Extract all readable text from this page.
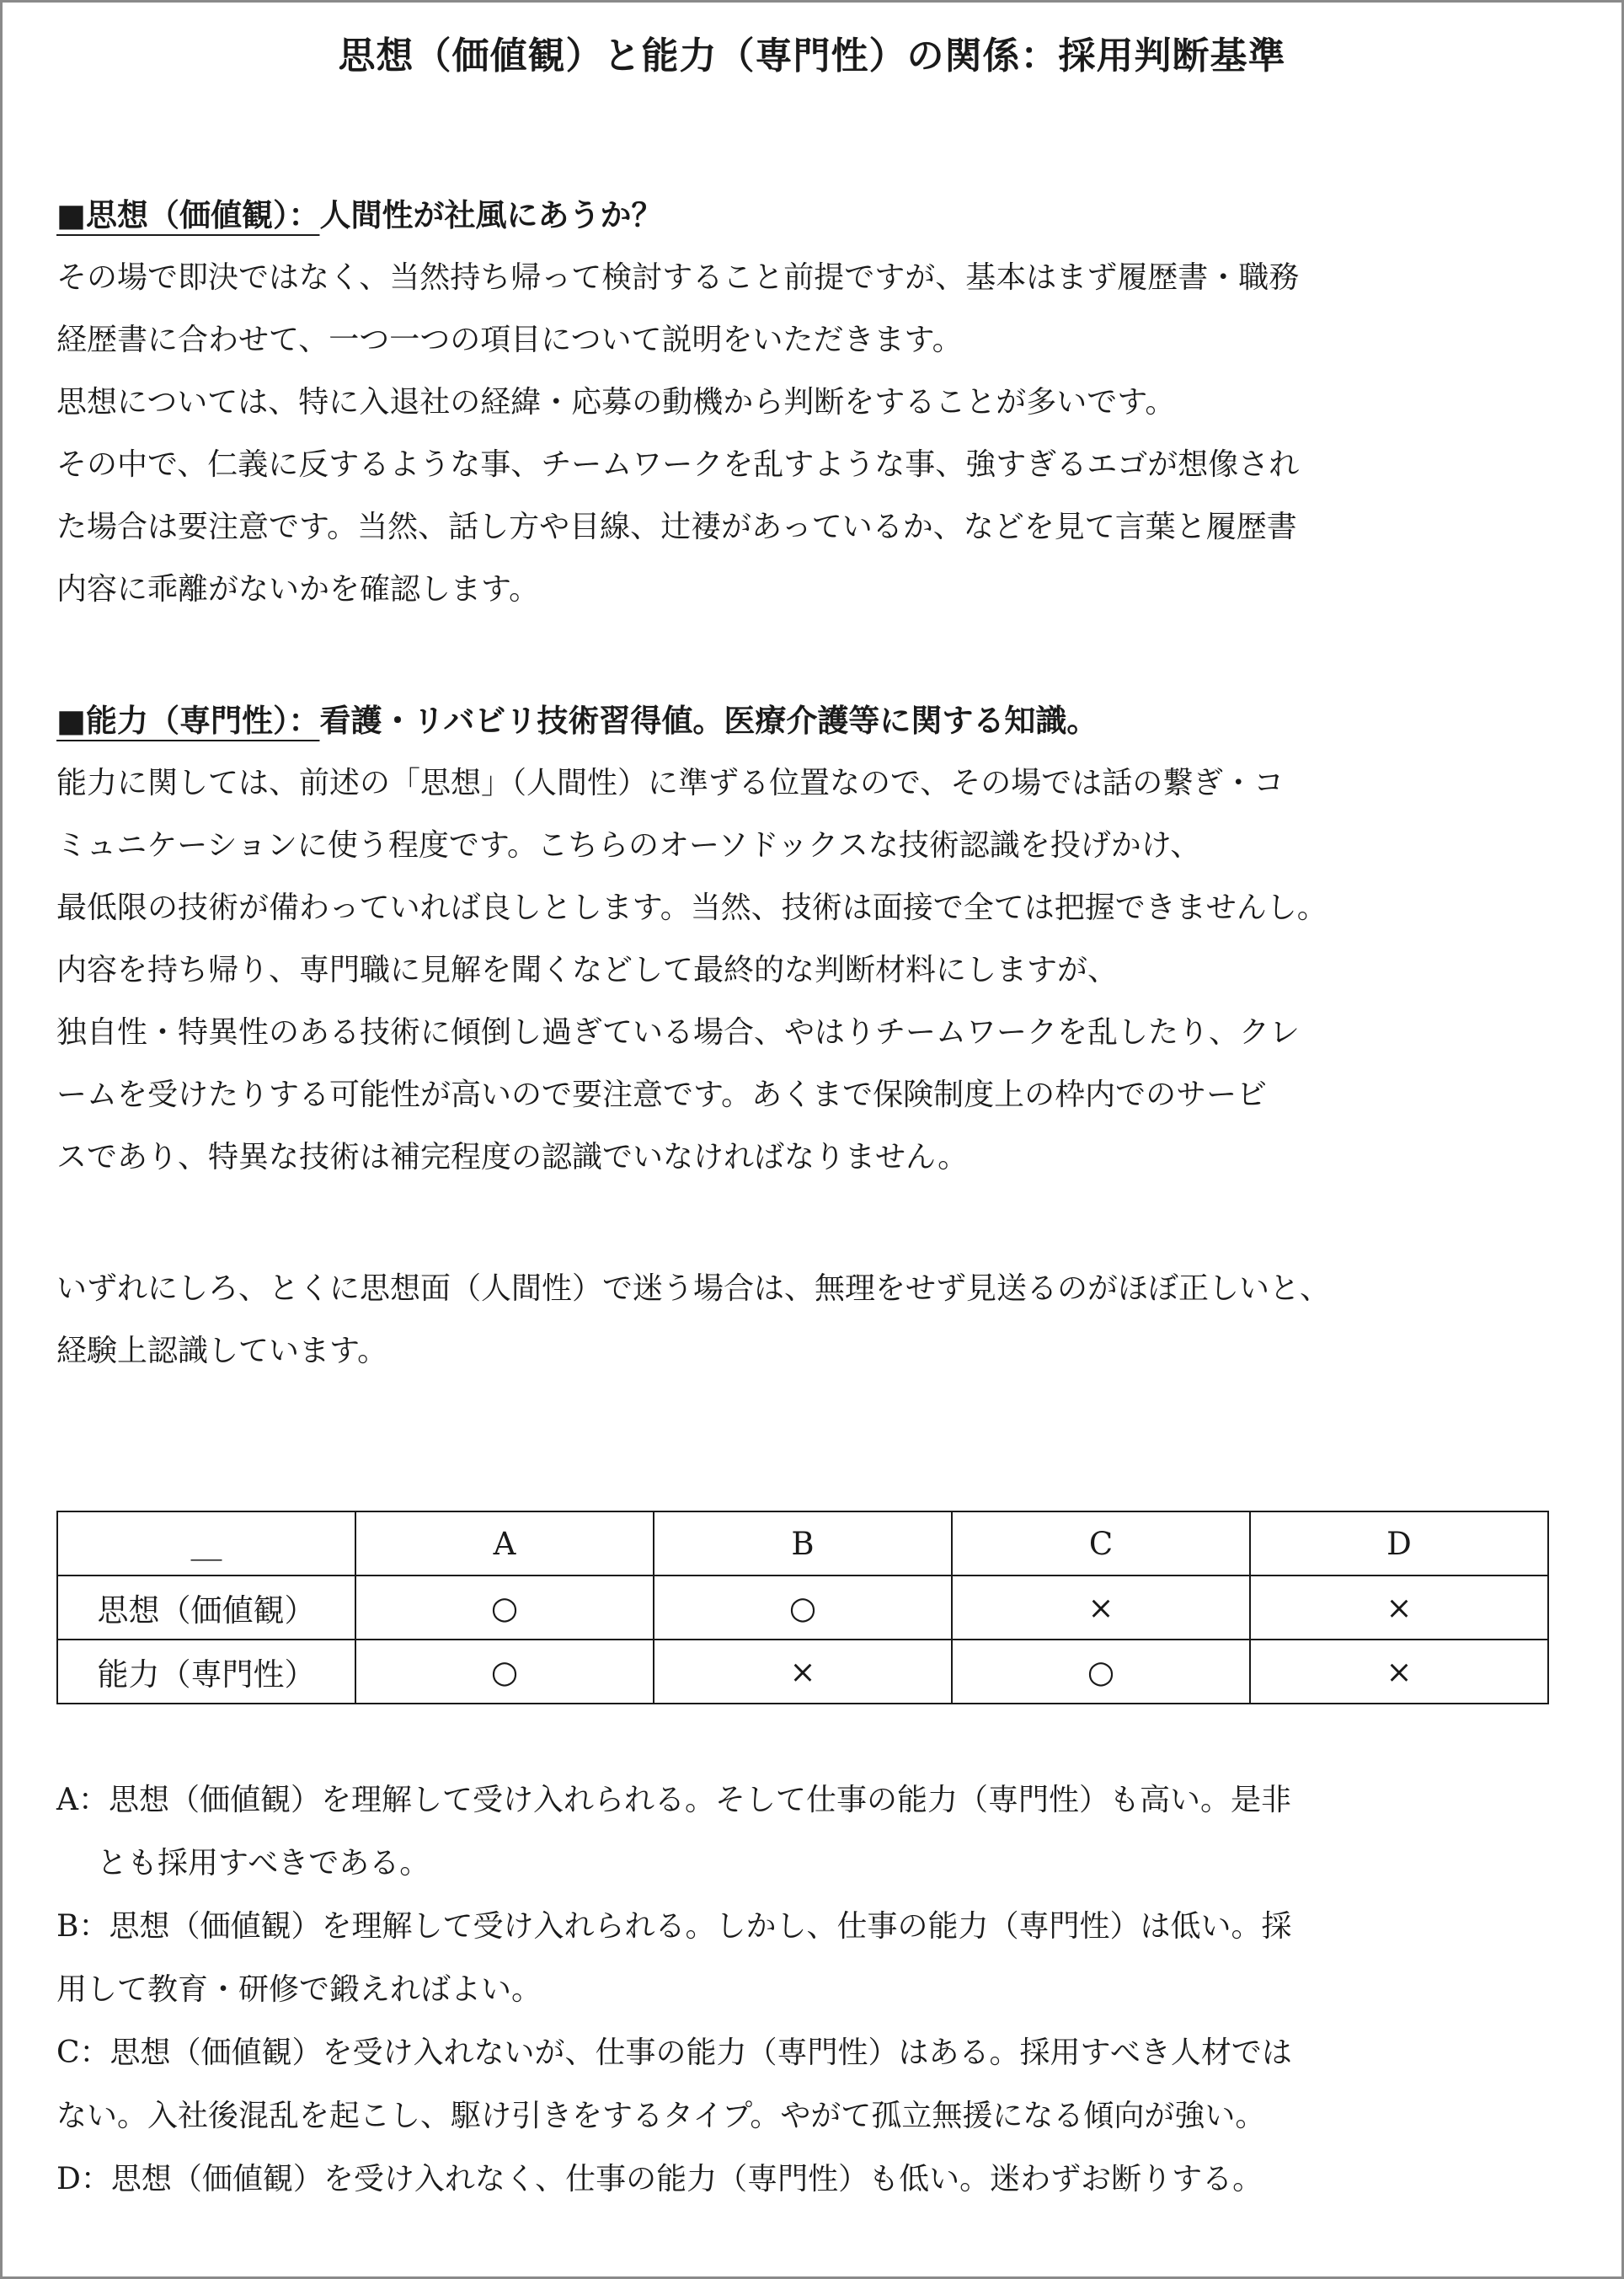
思想（価値観）と能力（専門性）の関係：採用判断基準
■思想（価値観）：人間性が社風にあうか？
その場で即決ではなく、当然持ち帰って検討すること前提ですが、基本はまず履歴書・職務
経歴書に合わせて、一つ一つの項目について説明をいただきます。
思想については、特に入退社の経緯・応募の動機から判断をすることが多いです。
その中で、仁義に反するような事、チームワークを乱すような事、強すぎるエゴが想像され
た場合は要注意です。当然、話し方や目線、辻褄があっているか、などを見て言葉と履歴書
内容に乖離がないかを確認します。
■能力（専門性）：看護・リバビリ技術習得値。医療介護等に関する知識。
能力に関しては、前述の「思想」（人間性）に準ずる位置なので、その場では話の繋ぎ・コ
ミュニケーションに使う程度です。こちらのオーソドックスな技術認識を投げかけ、
最低限の技術が備わっていれば良しとします。当然、技術は面接で全ては把握できませんし。
内容を持ち帰り、専門職に見解を聞くなどして最終的な判断材料にしますが、
独自性・特異性のある技術に傾倒し過ぎている場合、やはりチームワークを乱したり、クレ
ームを受けたりする可能性が高いので要注意です。あくまで保険制度上の枠内でのサービ
スであり、特異な技術は補完程度の認識でいなければなりません。
いずれにしろ、とくに思想面（人間性）で迷う場合は、無理をせず見送るのがほぼ正しいと、
経験上認識しています。
＿	A	B	C	D
思想（価値観）	○	○	×	×
能力（専門性）	○	×	○	×
A：思想（価値観）を理解して受け入れられる。そして仕事の能力（専門性）も高い。是非
とも採用すべきである。
B：思想（価値観）を理解して受け入れられる。しかし、仕事の能力（専門性）は低い。採
用して教育・研修で鍛えればよい。
C：思想（価値観）を受け入れないが、仕事の能力（専門性）はある。採用すべき人材では
ない。入社後混乱を起こし、駆け引きをするタイプ。やがて孤立無援になる傾向が強い。
D：思想（価値観）を受け入れなく、仕事の能力（専門性）も低い。迷わずお断りする。
